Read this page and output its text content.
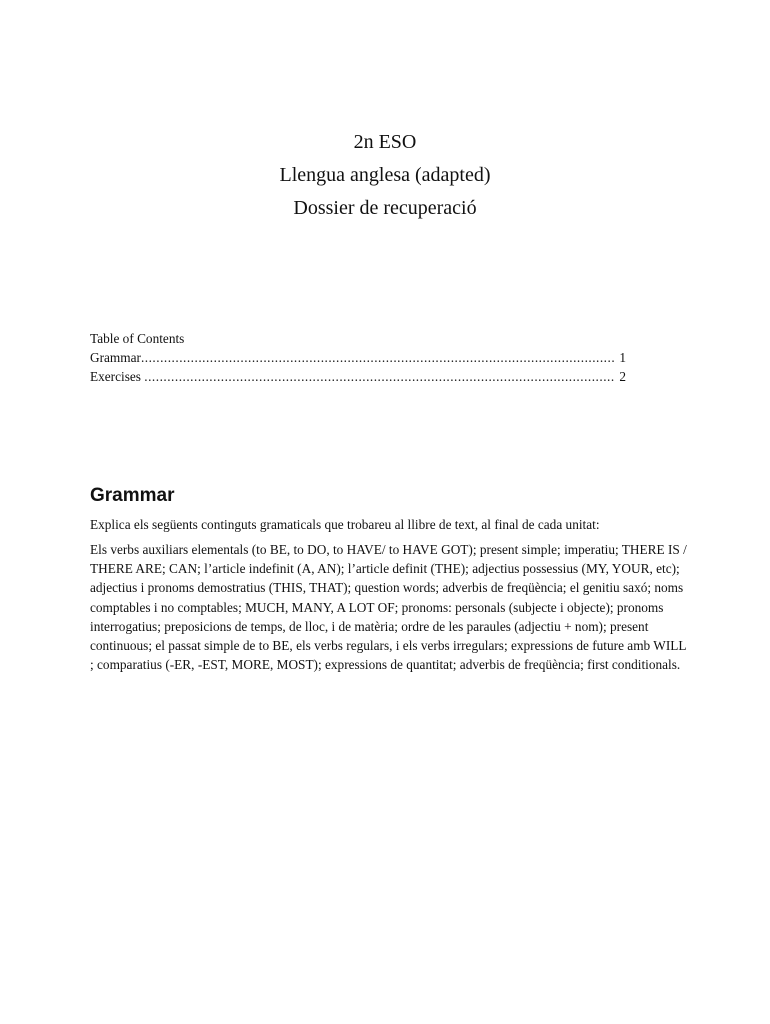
2n ESO
Llengua anglesa (adapted)
Dossier de recuperació
Table of Contents
Grammar .....	1
Exercises .....	2
Grammar

Explica els següents continguts gramaticals que trobareu al llibre de text, al final de cada unitat:

Els verbs auxiliars elementals (to BE, to DO, to HAVE/ to HAVE GOT); present simple; imperatiu; THERE IS / THERE ARE; CAN; l’article indefinit (A, AN); l’article definit (THE); adjectius possessius (MY, YOUR, etc); adjectius i pronoms demostratius (THIS, THAT); question words; adverbis de freqüència; el genitiu saxó; noms comptables i no comptables; MUCH, MANY, A LOT OF; pronoms: personals (subjecte i objecte); pronoms interrogatius; preposicions de temps, de lloc, i de matèria; ordre de les paraules (adjectiu + nom); present continuous; el passat simple de to BE, els verbs regulars, i els verbs irregulars; expressions de future amb WILL ; comparatius (-ER, -EST, MORE, MOST); expressions de quantitat; adverbis de freqüència; first conditionals.
